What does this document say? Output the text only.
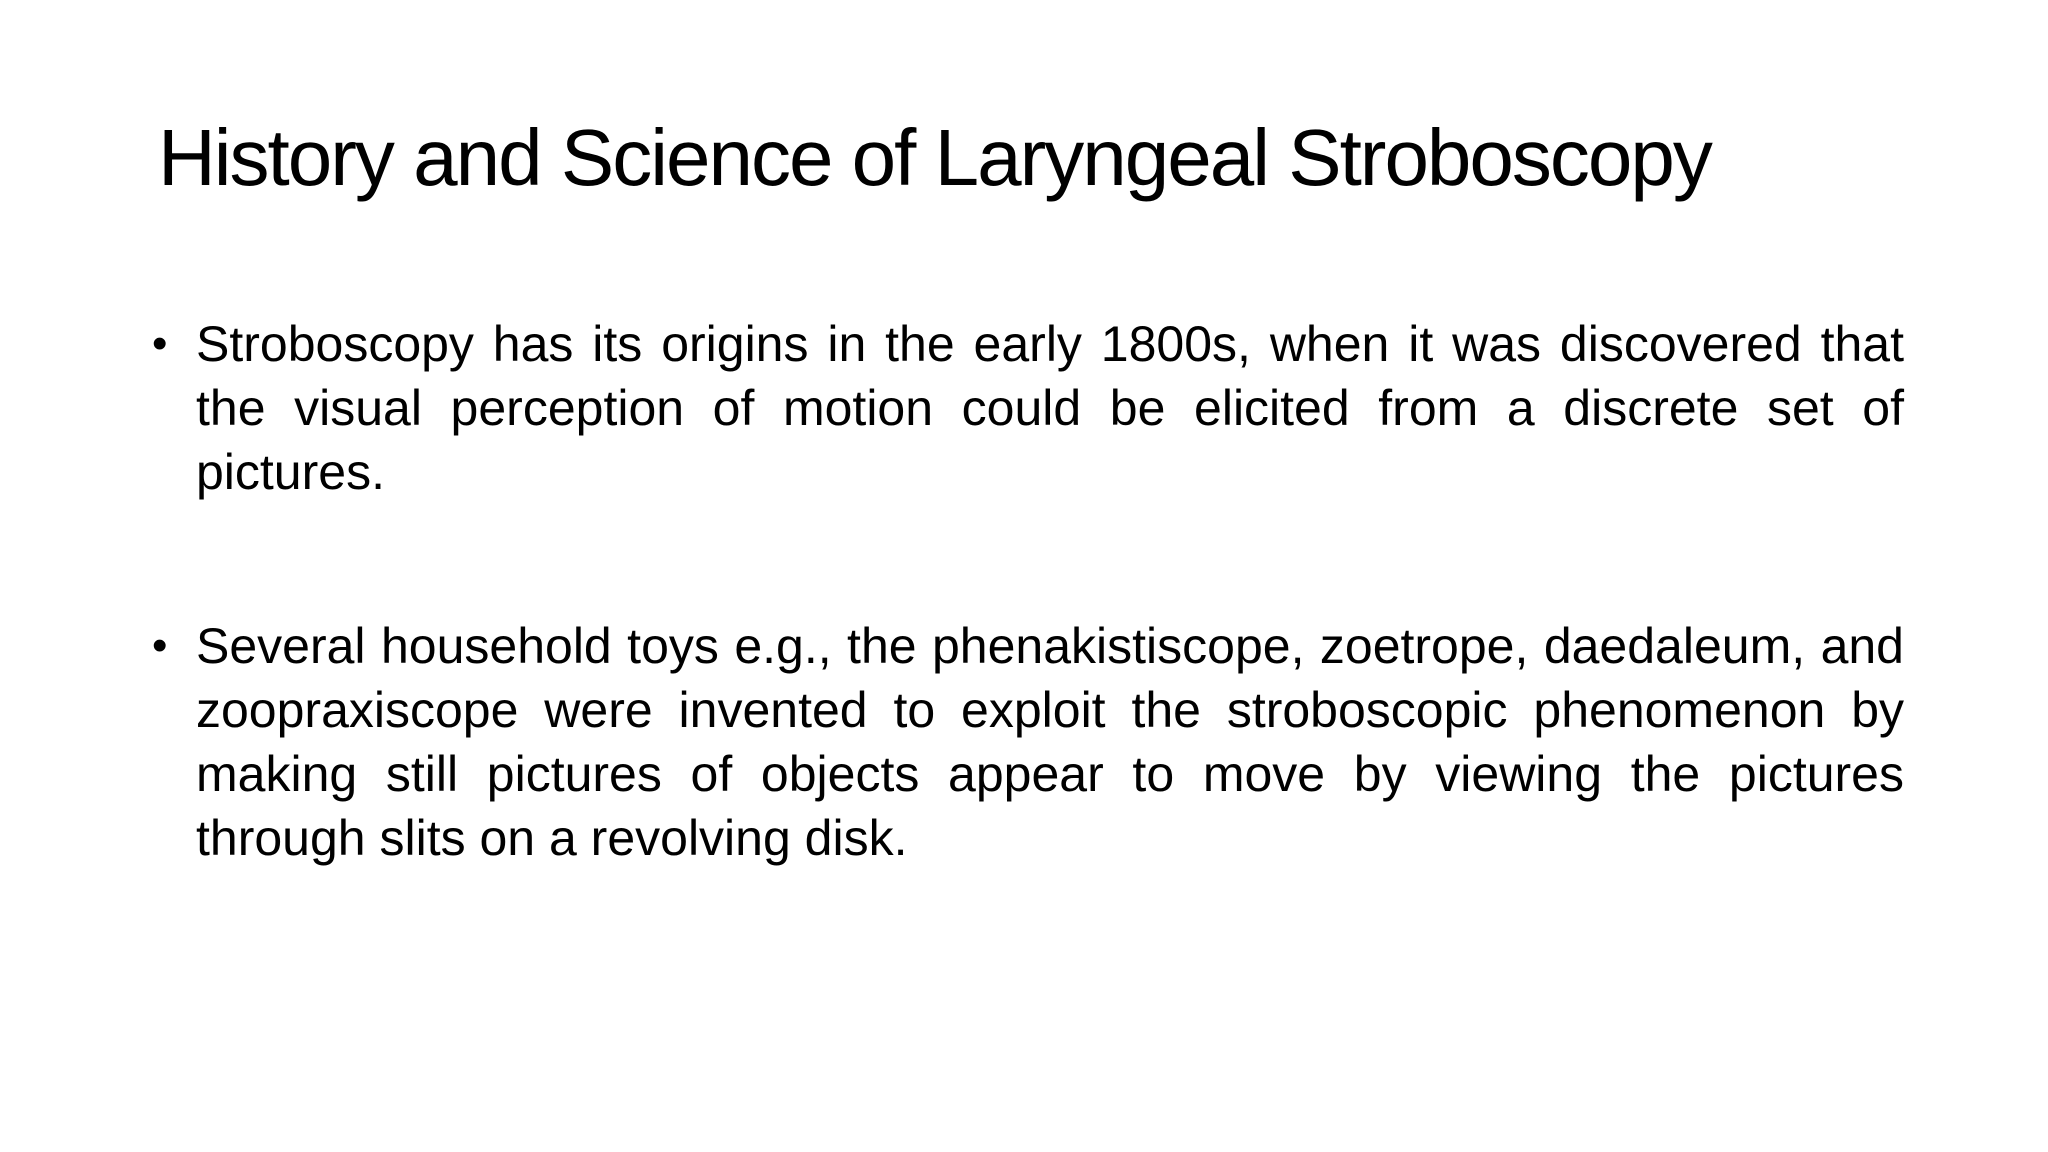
History and Science of Laryngeal Stroboscopy
• Stroboscopy has its origins in the early 1800s, when it was discovered that the visual perception of motion could be elicited from a discrete set of pictures.
• Several household toys e.g., the phenakistiscope, zoetrope, daedaleum, and zoopraxiscope were invented to exploit the stroboscopic phenomenon by making still pictures of objects appear to move by viewing the pictures through slits on a revolving disk.
